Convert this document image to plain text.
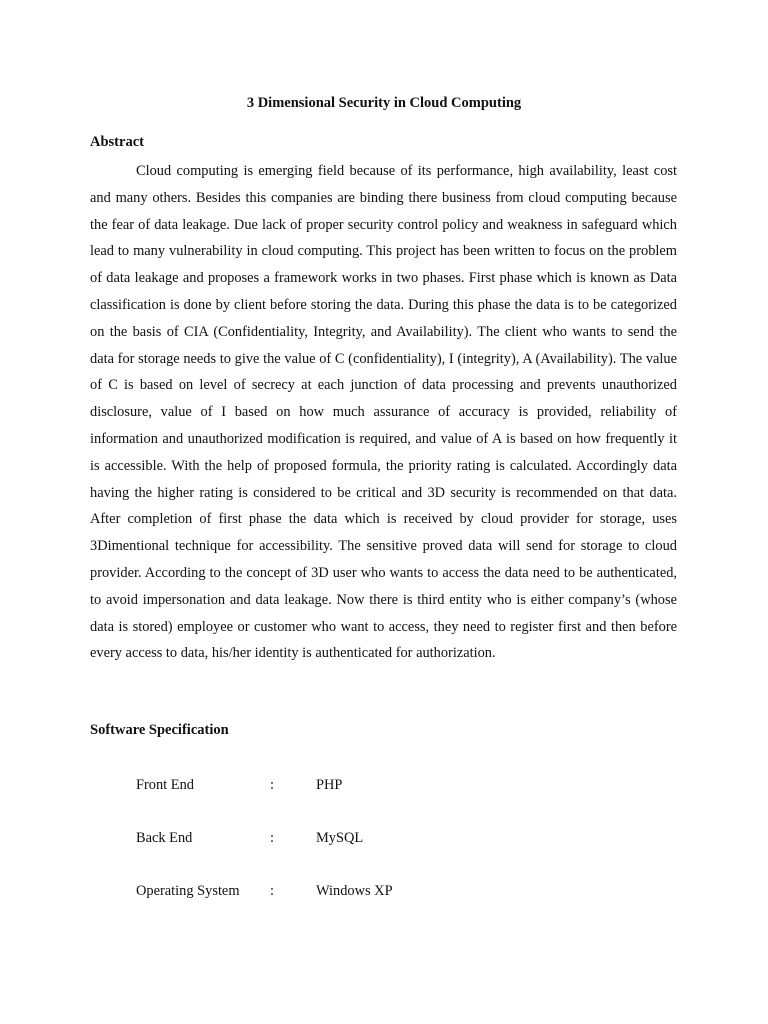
3 Dimensional Security in Cloud Computing
Abstract

Cloud computing is emerging field because of its performance, high availability, least cost and many others. Besides this companies are binding there business from cloud computing because the fear of data leakage. Due lack of proper security control policy and weakness in safeguard which lead to many vulnerability in cloud computing. This project has been written to focus on the problem of data leakage and proposes a framework works in two phases. First phase which is known as Data classification is done by client before storing the data. During this phase the data is to be categorized on the basis of CIA (Confidentiality, Integrity, and Availability). The client who wants to send the data for storage needs to give the value of C (confidentiality), I (integrity), A (Availability). The value of C is based on level of secrecy at each junction of data processing and prevents unauthorized disclosure, value of I based on how much assurance of accuracy is provided, reliability of information and unauthorized modification is required, and value of A is based on how frequently it is accessible. With the help of proposed formula, the priority rating is calculated. Accordingly data having the higher rating is considered to be critical and 3D security is recommended on that data. After completion of first phase the data which is received by cloud provider for storage, uses 3Dimentional technique for accessibility. The sensitive proved data will send for storage to cloud provider. According to the concept of 3D user who wants to access the data need to be authenticated, to avoid impersonation and data leakage. Now there is third entity who is either company’s (whose data is stored) employee or customer who want to access, they need to register first and then before every access to data, his/her identity is authenticated for authorization.

Software Specification
Front End	:	PHP
Back End	:	MySQL
Operating System :	Windows XP
